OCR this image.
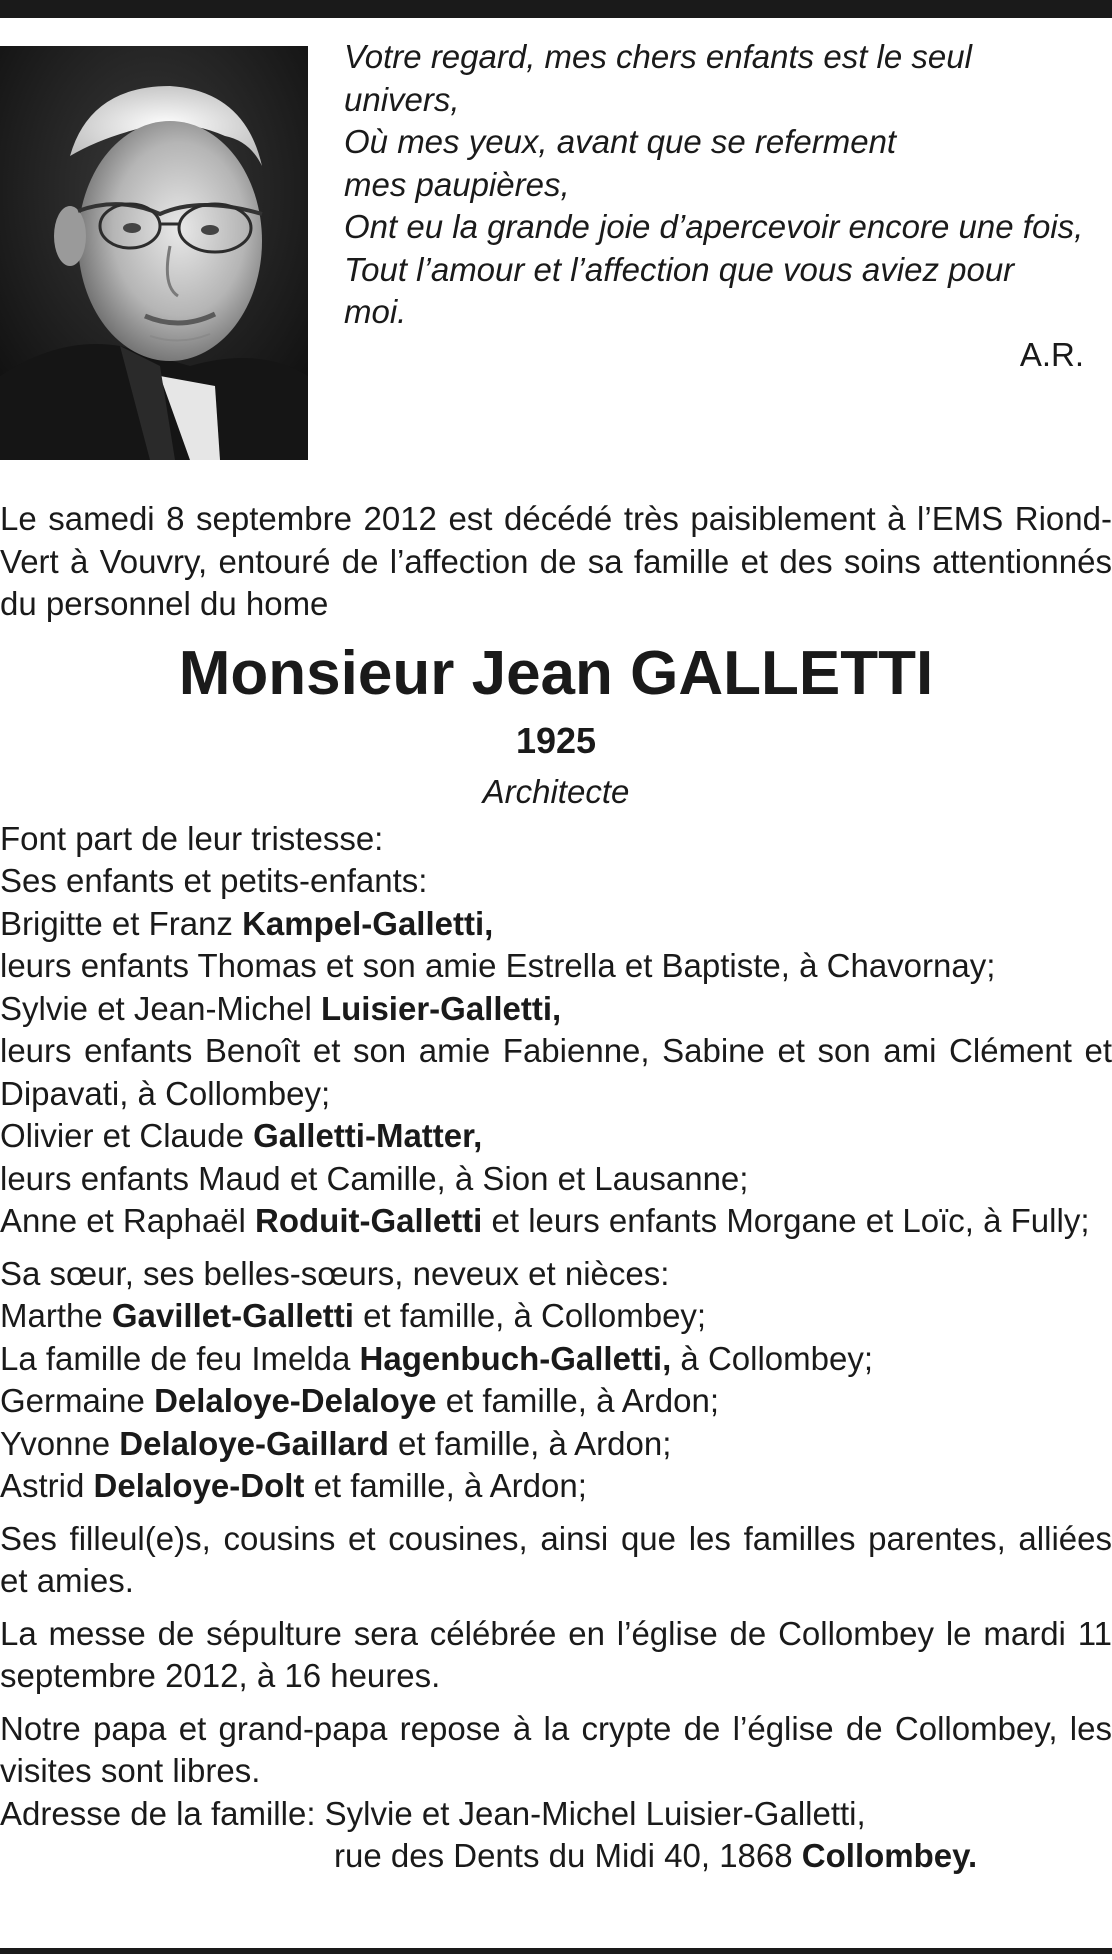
Votre regard, mes chers enfants est le seul
univers,
Où mes yeux, avant que se referment
mes paupières,
Ont eu la grande joie d’apercevoir encore une fois,
Tout l’amour et l’affection que vous aviez pour
moi.
A.R.

Le samedi 8 septembre 2012 est décédé très paisiblement à l’EMS Riond-Vert à Vouvry, entouré de l’affection de sa famille et des soins attentionnés du personnel du home

Monsieur Jean GALLETTI
1925
Architecte
Font part de leur tristesse:
Ses enfants et petits-enfants:
Brigitte et Franz Kampel-Galletti,
leurs enfants Thomas et son amie Estrella et Baptiste, à Chavornay;
Sylvie et Jean-Michel Luisier-Galletti,

leurs enfants Benoît et son amie Fabienne, Sabine et son ami Clément et Dipavati, à Collombey;

Olivier et Claude Galletti-Matter,
leurs enfants Maud et Camille, à Sion et Lausanne;

Anne et Raphaël Roduit-Galletti et leurs enfants Morgane et Loïc, à Fully;

Sa sœur, ses belles-sœurs, neveux et nièces:
Marthe Gavillet-Galletti et famille, à Collombey;
La famille de feu Imelda Hagenbuch-Galletti, à Collombey;
Germaine Delaloye-Delaloye et famille, à Ardon;
Yvonne Delaloye-Gaillard et famille, à Ardon;
Astrid Delaloye-Dolt et famille, à Ardon;

Ses filleul(e)s, cousins et cousines, ainsi que les familles parentes, alliées et amies.

La messe de sépulture sera célébrée en l’église de Collombey le mardi 11 septembre 2012, à 16 heures.

Notre papa et grand-papa repose à la crypte de l’église de Collombey, les visites sont libres.

Adresse de la famille: Sylvie et Jean-Michel Luisier-Galletti,
rue des Dents du Midi 40, 1868 Collombey.
